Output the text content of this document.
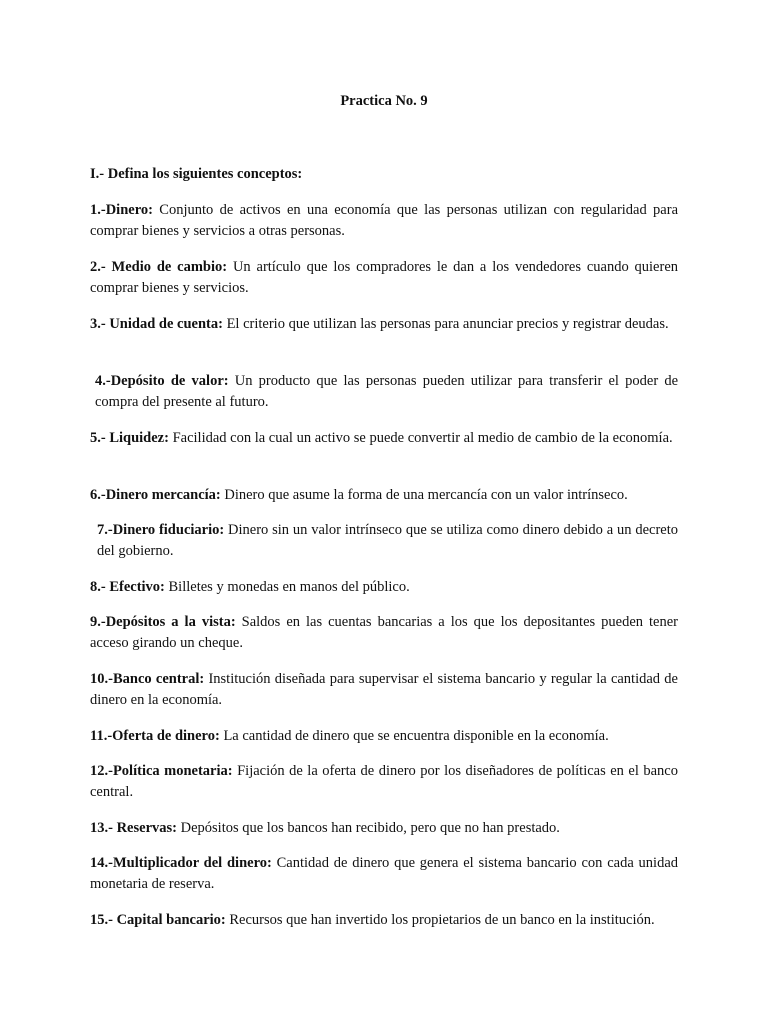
Practica No. 9
I.- Defina los siguientes conceptos:
1.-Dinero: Conjunto de activos en una economía que las personas utilizan con regularidad para comprar bienes y servicios a otras personas.
2.- Medio de cambio: Un artículo que los compradores le dan a los vendedores cuando quieren comprar bienes y servicios.
3.- Unidad de cuenta: El criterio que utilizan las personas para anunciar precios y registrar deudas.
4.-Depósito de valor: Un producto que las personas pueden utilizar para transferir el poder de compra del presente al futuro.
5.- Liquidez: Facilidad con la cual un activo se puede convertir al medio de cambio de la economía.
6.-Dinero mercancía: Dinero que asume la forma de una mercancía con un valor intrínseco.
7.-Dinero fiduciario: Dinero sin un valor intrínseco que se utiliza como dinero debido a un decreto del gobierno.
8.- Efectivo: Billetes y monedas en manos del público.
9.-Depósitos a la vista: Saldos en las cuentas bancarias a los que los depositantes pueden tener acceso girando un cheque.
10.-Banco central: Institución diseñada para supervisar el sistema bancario y regular la cantidad de dinero en la economía.
11.-Oferta de dinero: La cantidad de dinero que se encuentra disponible en la economía.
12.-Política monetaria: Fijación de la oferta de dinero por los diseñadores de políticas en el banco central.
13.- Reservas: Depósitos que los bancos han recibido, pero que no han prestado.
14.-Multiplicador del dinero: Cantidad de dinero que genera el sistema bancario con cada unidad monetaria de reserva.
15.- Capital bancario: Recursos que han invertido los propietarios de un banco en la institución.
